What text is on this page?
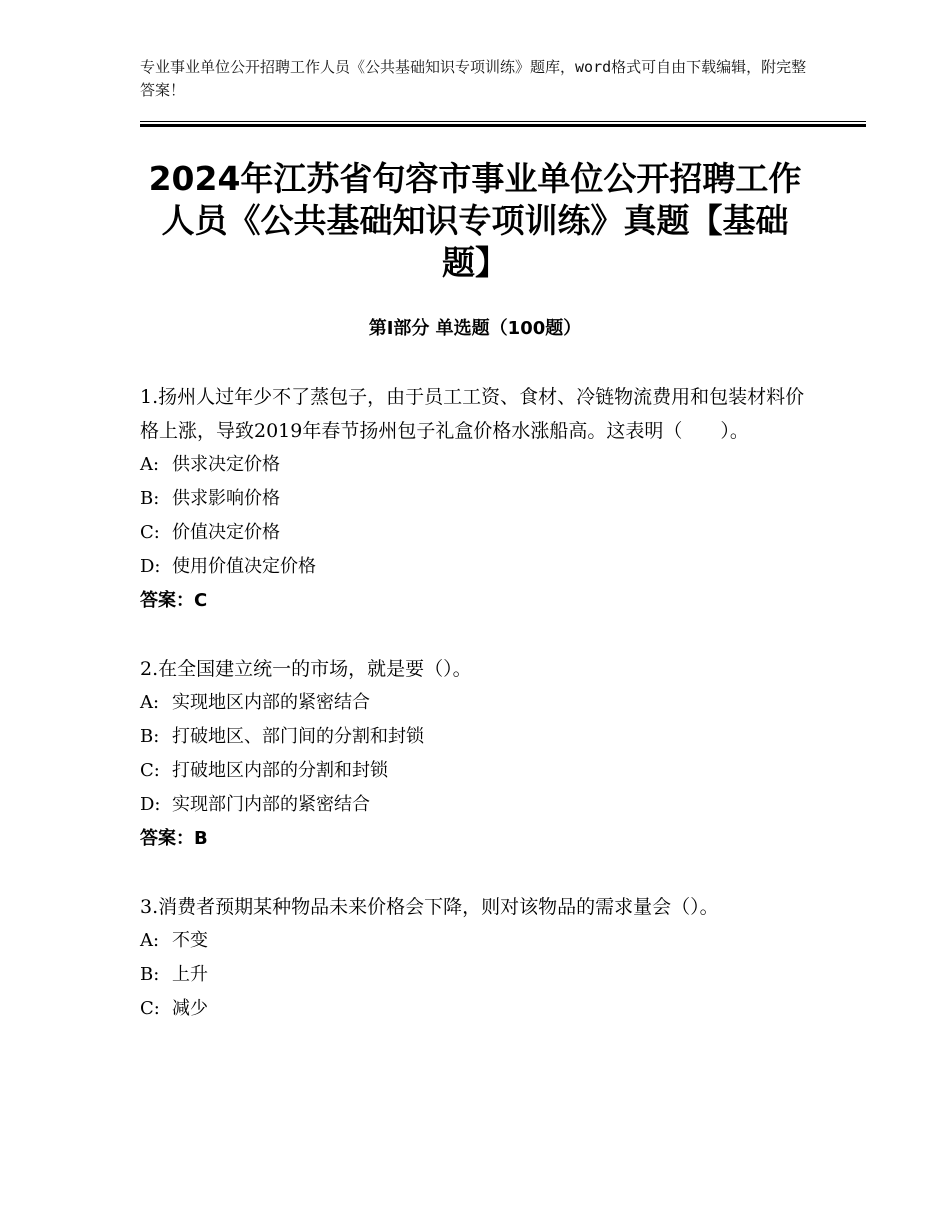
专业事业单位公开招聘工作人员《公共基础知识专项训练》题库，word格式可自由下载编辑，附完整答案！
2024年江苏省句容市事业单位公开招聘工作人员《公共基础知识专项训练》真题【基础题】
第I部分 单选题（100题）

1.扬州人过年少不了蒸包子，由于员工工资、食材、冷链物流费用和包装材料价格上涨，导致2019年春节扬州包子礼盒价格水涨船高。这表明（　　）。

A: 供求决定价格

B: 供求影响价格

C: 价值决定价格

D: 使用价值决定价格

答案：C

2.在全国建立统一的市场，就是要（）。

A: 实现地区内部的紧密结合

B: 打破地区、部门间的分割和封锁

C: 打破地区内部的分割和封锁

D: 实现部门内部的紧密结合

答案：B

3.消费者预期某种物品未来价格会下降，则对该物品的需求量会（）。

A: 不变

B: 上升

C: 减少
